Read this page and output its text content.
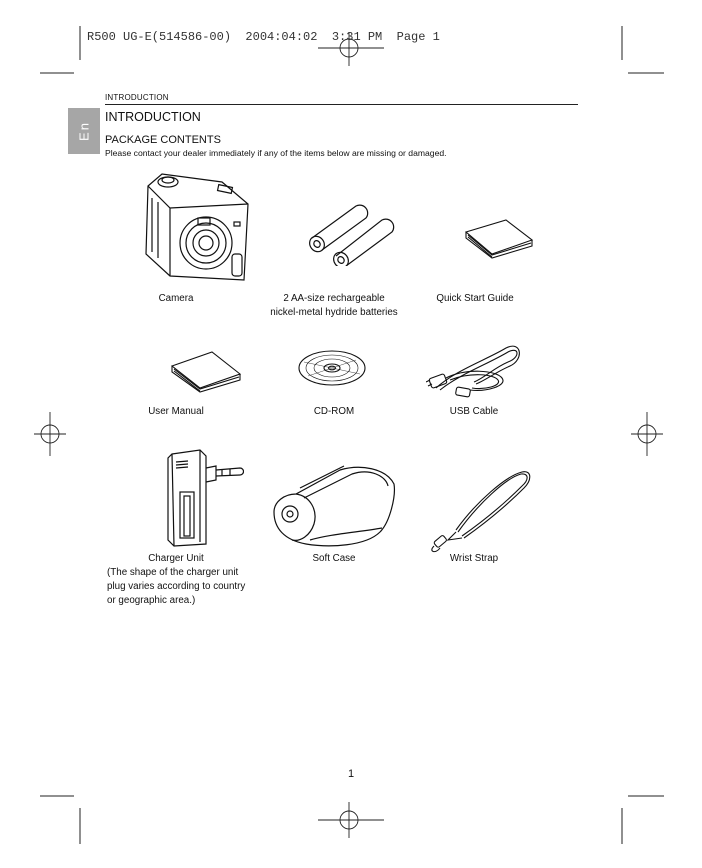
R500 UG-E(514586-00)  2004:04:02  3:31 PM  Page 1
INTRODUCTION
En
INTRODUCTION
PACKAGE CONTENTS
Please contact your dealer immediately if any of the items below are missing or damaged.
Camera	2 AA-size rechargeable
nickel-metal hydride batteries
Quick Start Guide
User Manual	CD-ROM	USB Cable
Charger Unit	Soft Case	Wrist Strap
(The shape of the charger unit
plug varies according to country
or geographic area.)
1
